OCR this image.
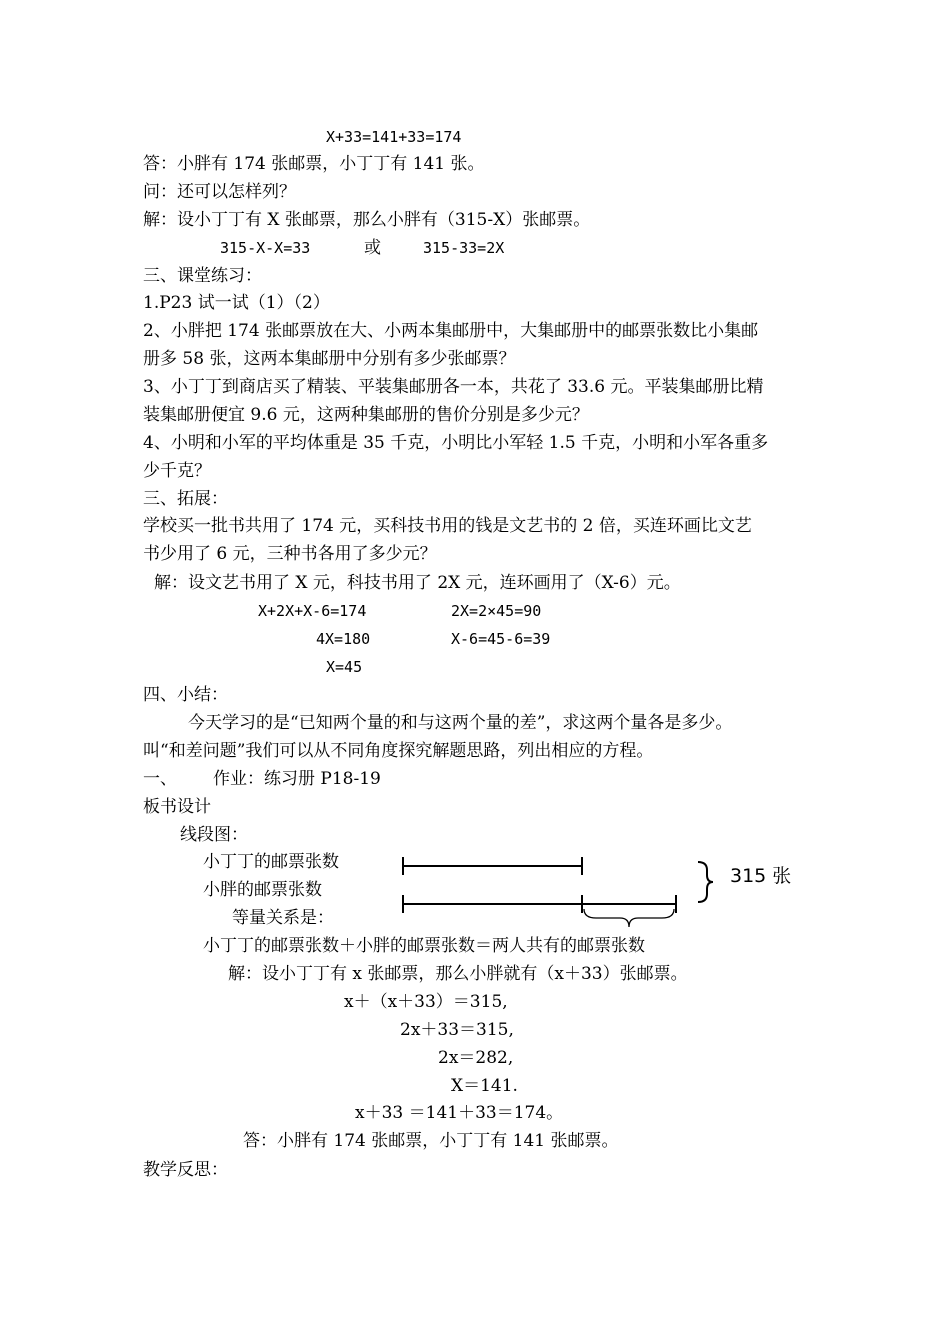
X+33=141+33=174
答：小胖有 174 张邮票，小丁丁有 141 张。
问：还可以怎样列？
解：设小丁丁有 X 张邮票，那么小胖有（315-X）张邮票。
315-X-X=33	或	315-33=2X
三、课堂练习：
1.P23 试一试（1）（2）
2、小胖把 174 张邮票放在大、小两本集邮册中，大集邮册中的邮票张数比小集邮
册多 58 张，这两本集邮册中分别有多少张邮票？
3、小丁丁到商店买了精装、平装集邮册各一本，共花了 33.6 元。平装集邮册比精
装集邮册便宜 9.6 元，这两种集邮册的售价分别是多少元？
4、小明和小军的平均体重是 35 千克，小明比小军轻 1.5 千克，小明和小军各重多
少千克？
三、拓展：
学校买一批书共用了 174 元，买科技书用的钱是文艺书的 2 倍，买连环画比文艺
书少用了 6 元，三种书各用了多少元？
解：设文艺书用了 X 元，科技书用了 2X 元，连环画用了（X-6）元。
X+2X+X-6=174
4X=180
X=45
2X=2×45=90
X-6=45-6=39
四、小结：
今天学习的是“已知两个量的和与这两个量的差”，求这两个量各是多少。
叫“和差问题”我们可以从不同角度探究解题思路，列出相应的方程。
一、 作业：练习册 P18-19
板书设计
线段图：
小丁丁的邮票张数
小胖的邮票张数
315 张
等量关系是：
小丁丁的邮票张数＋小胖的邮票张数＝两人共有的邮票张数
解：设小丁丁有 x 张邮票，那么小胖就有（x＋33）张邮票。
x＋（x＋33）＝315,
2x＋33＝315,
2x＝282,
X＝141.
x＋33 ＝141＋33＝174。
答：小胖有 174 张邮票，小丁丁有 141 张邮票。
教学反思：
